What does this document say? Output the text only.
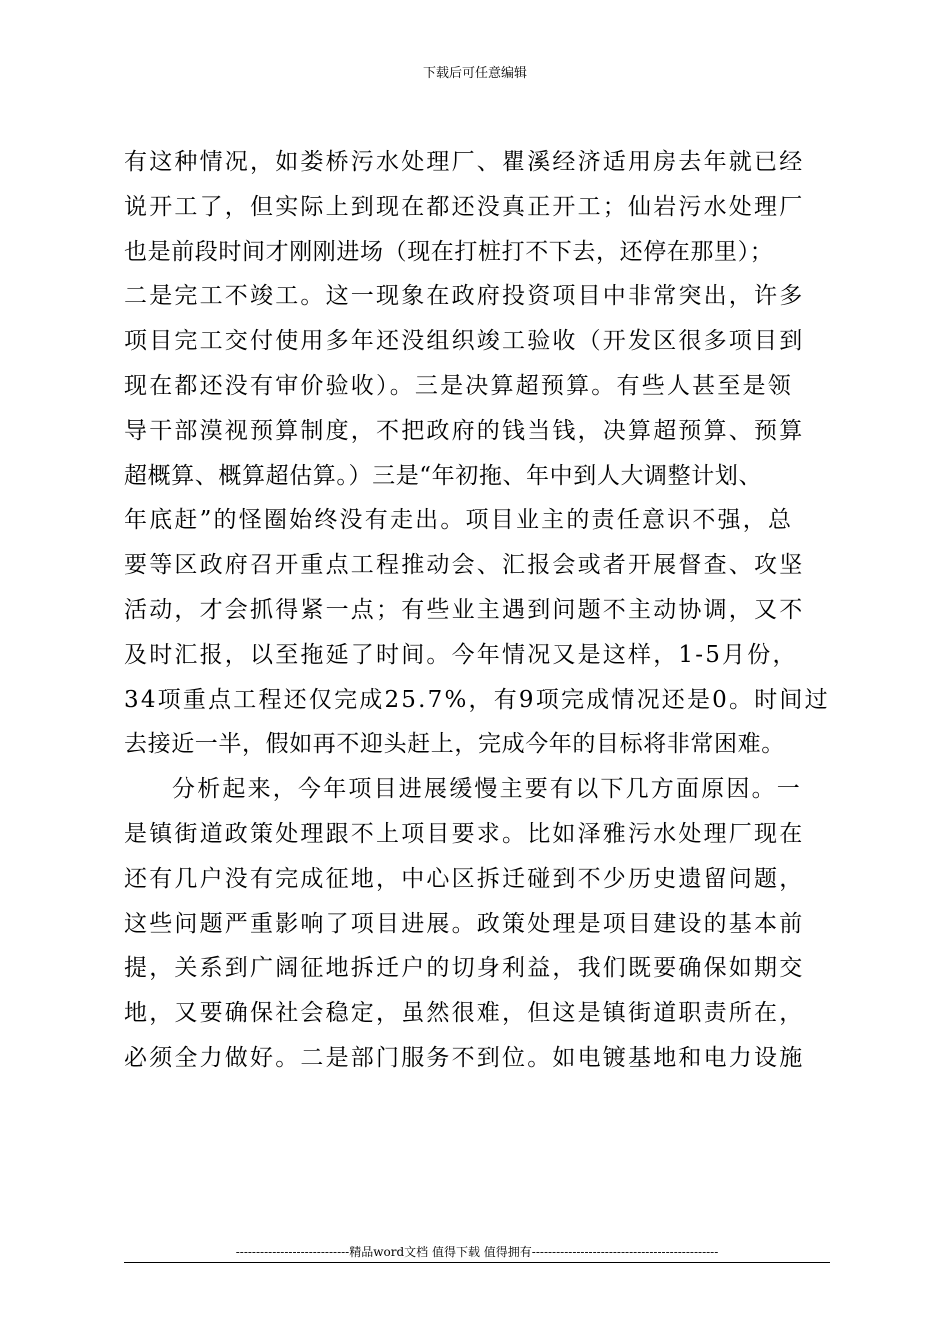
下载后可任意编辑
有这种情况，如娄桥污水处理厂、瞿溪经济适用房去年就已经
说开工了，但实际上到现在都还没真正开工；仙岩污水处理厂
也是前段时间才刚刚进场（现在打桩打不下去，还停在那里）；
二是完工不竣工。这一现象在政府投资项目中非常突出，许多
项目完工交付使用多年还没组织竣工验收（开发区很多项目到
现在都还没有审价验收）。三是决算超预算。有些人甚至是领
导干部漠视预算制度，不把政府的钱当钱，决算超预算、预算
超概算、概算超估算。）三是“年初拖、年中到人大调整计划、
年底赶”的怪圈始终没有走出。项目业主的责任意识不强，总
要等区政府召开重点工程推动会、汇报会或者开展督查、攻坚
活动，才会抓得紧一点；有些业主遇到问题不主动协调，又不
及时汇报，以至拖延了时间。今年情况又是这样，1-5月份，
34项重点工程还仅完成25.7%，有9项完成情况还是0。时间过
去接近一半，假如再不迎头赶上，完成今年的目标将非常困难。
分析起来，今年项目进展缓慢主要有以下几方面原因。一
是镇街道政策处理跟不上项目要求。比如泽雅污水处理厂现在
还有几户没有完成征地，中心区拆迁碰到不少历史遗留问题，
这些问题严重影响了项目进展。政策处理是项目建设的基本前
提，关系到广阔征地拆迁户的切身利益，我们既要确保如期交
地，又要确保社会稳定，虽然很难，但这是镇街道职责所在，
必须全力做好。二是部门服务不到位。如电镀基地和电力设施
----------------------------精品word文档 值得下载 值得拥有----------------------------------------------
